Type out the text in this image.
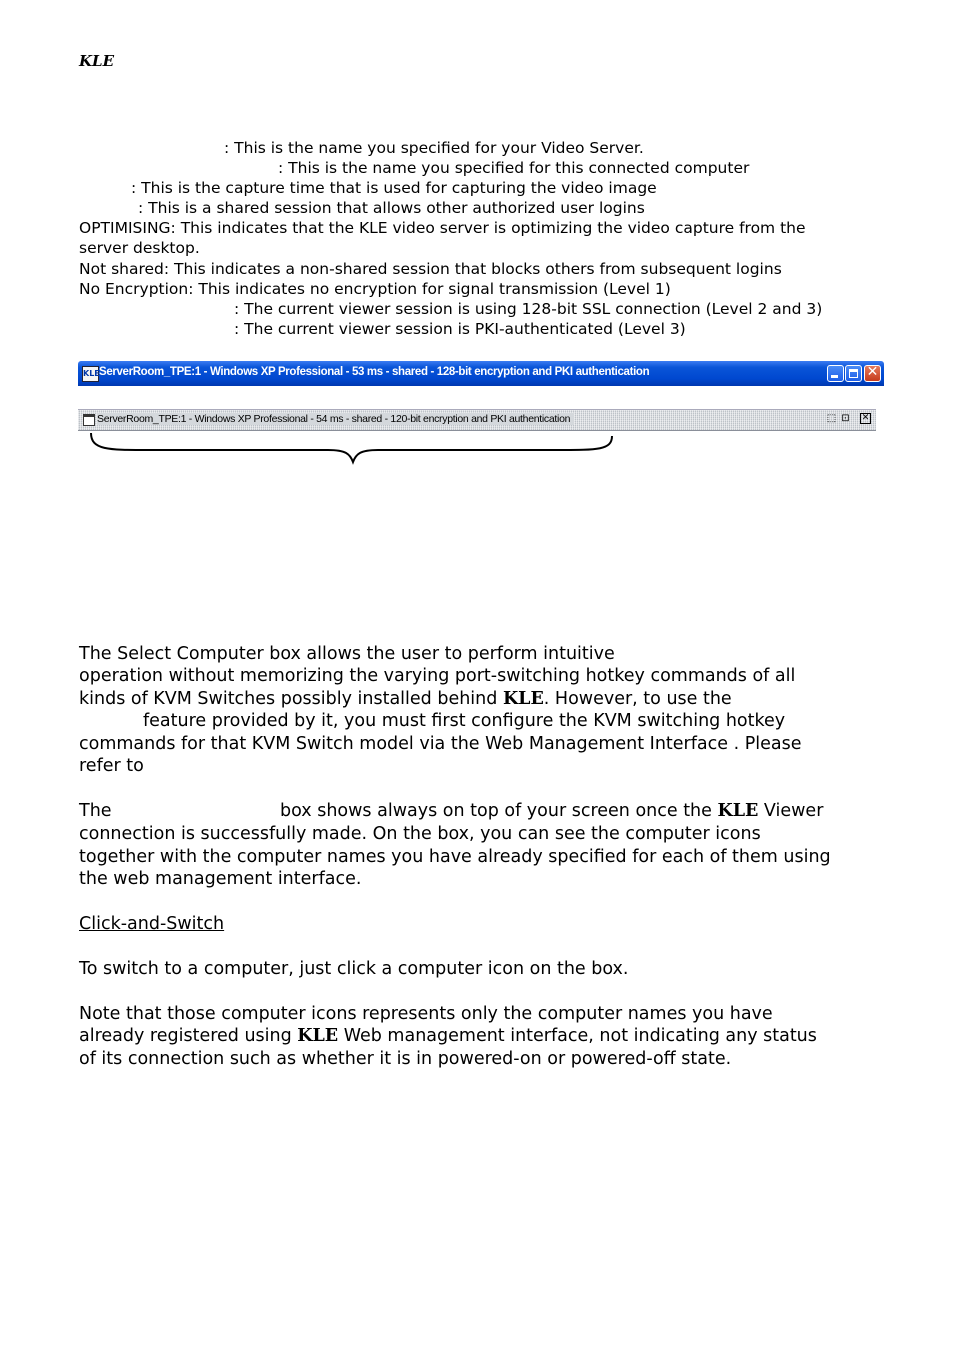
KLE
: This is the name you specified for your Video Server.
: This is the name you specified for this connected computer
: This is the capture time that is used for capturing the video image
: This is a shared session that allows other authorized user logins
OPTIMISING: This indicates that the KLE video server is optimizing the video capture from the
server desktop.
Not shared: This indicates a non-shared session that blocks others from subsequent logins
No Encryption: This indicates no encryption for signal transmission (Level 1)
: The current viewer session is using 128-bit SSL connection (Level 2 and 3)
: The current viewer session is PKI-authenticated (Level 3)
KLE ServerRoom_TPE:1 - Windows XP Professional - 53 ms - shared - 128-bit encryption and PKI authentication	✕
ServerRoom_TPE:1 - Windows XP Professional - 54 ms - shared - 120-bit encryption and PKI authentication	⬚ ⊡ ✕
The Select Computer box allows the user to perform intuitive
operation without memorizing the varying port-switching hotkey commands of all
kinds of KVM Switches possibly installed behind KLE. However, to use the
feature provided by it, you must first configure the KVM switching hotkey
commands for that KVM Switch model via the Web Management Interface . Please
refer to
The	box shows always on top of your screen once the KLE Viewer
connection is successfully made. On the box, you can see the computer icons
together with the computer names you have already specified for each of them using
the web management interface.
Click-and-Switch
To switch to a computer, just click a computer icon on the box.
Note that those computer icons represents only the computer names you have
already registered using KLE Web management interface, not indicating any status
of its connection such as whether it is in powered-on or powered-off state.
